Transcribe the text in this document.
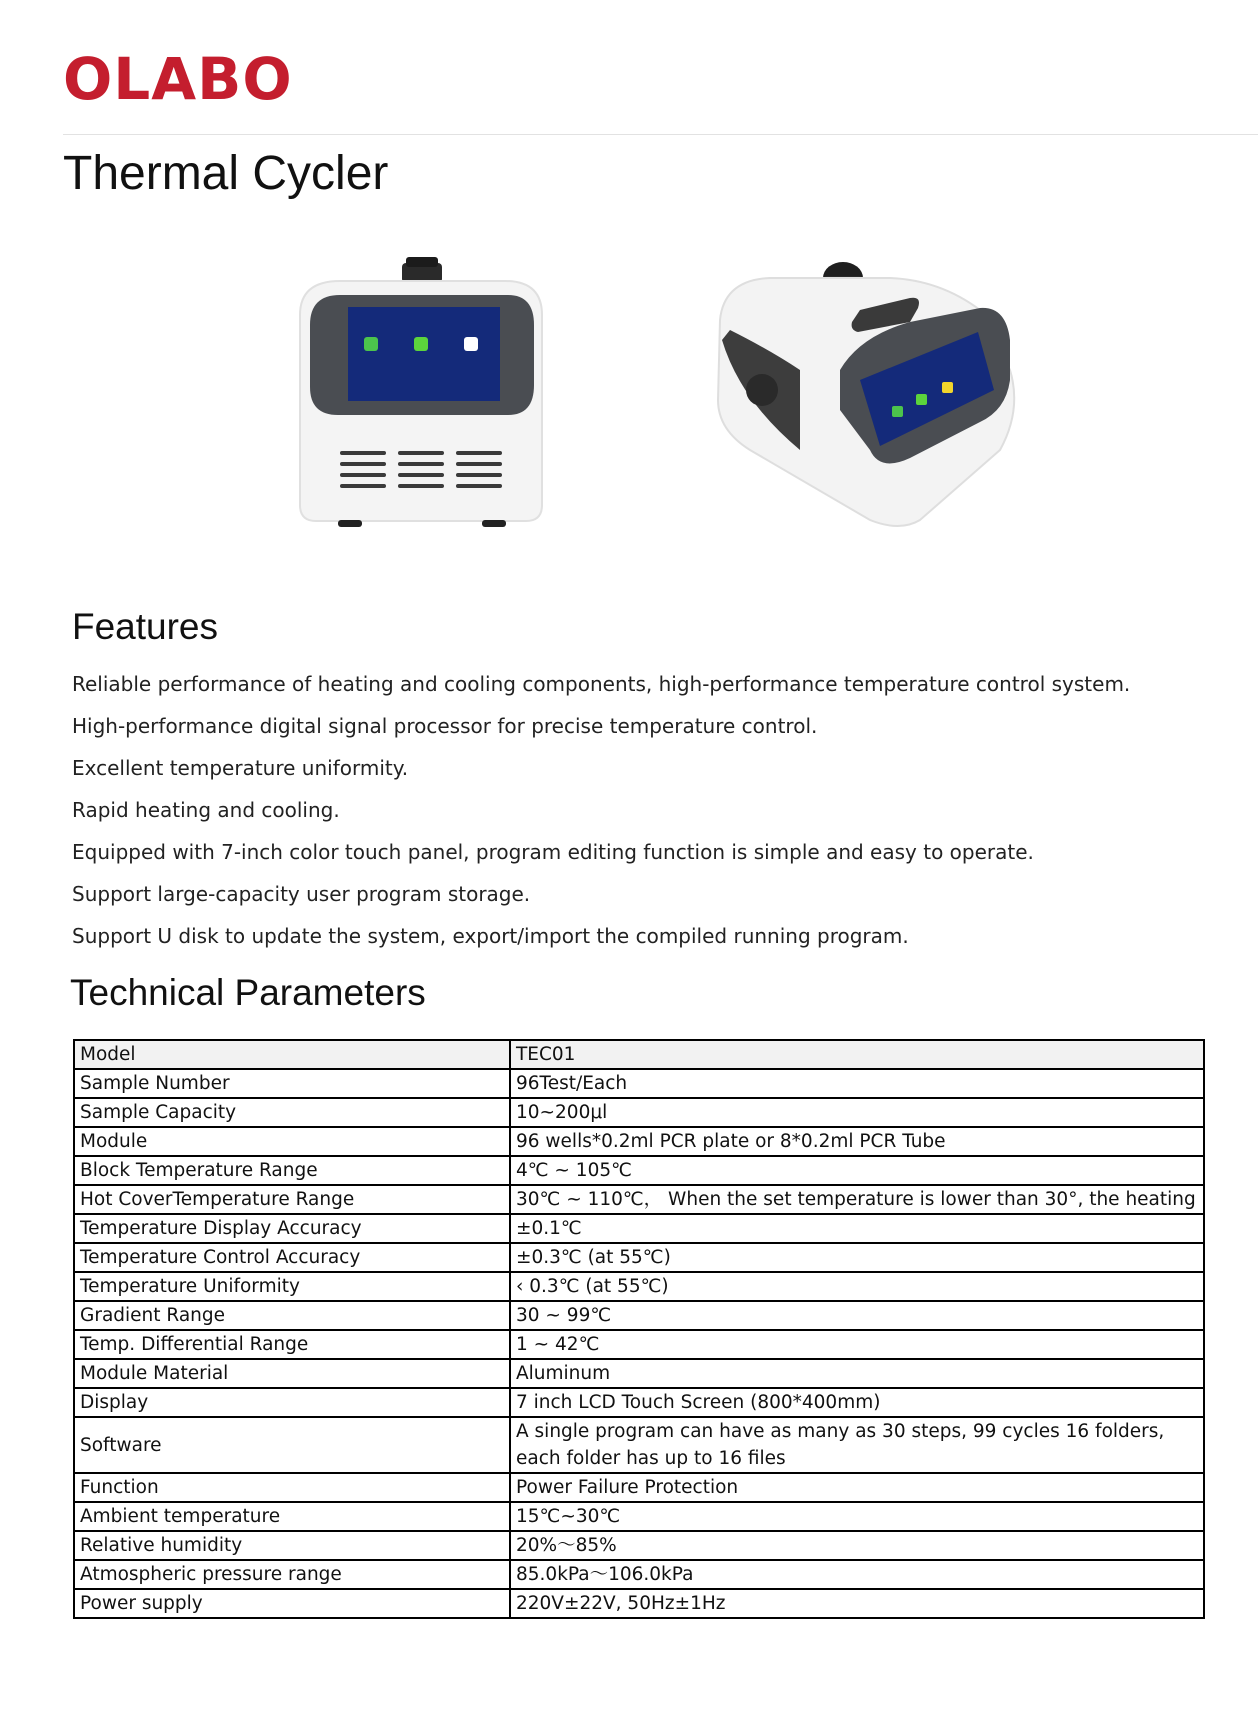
OLABO
Thermal Cycler
Features
Reliable performance of heating and cooling components, high-performance temperature control system.
High-performance digital signal processor for precise temperature control.
Excellent temperature uniformity.
Rapid heating and cooling.
Equipped with 7-inch color touch panel, program editing function is simple and easy to operate.
Support large-capacity user program storage.
Support U disk to update the system, export/import the compiled running program.
Technical Parameters
Model	TEC01
Sample Number	96Test/Each
Sample Capacity	10~200μl
Module	96 wells*0.2ml PCR plate or 8*0.2ml PCR Tube
Block Temperature Range	4℃ ~ 105℃
Hot CoverTemperature Range	30℃ ~ 110℃， When the set temperature is lower than 30°, the heating
Temperature Display Accuracy	±0.1℃
Temperature Control Accuracy	±0.3℃ (at 55℃)
Temperature Uniformity	‹ 0.3℃ (at 55℃)
Gradient Range	30 ~ 99℃
Temp. Differential Range	1 ~ 42℃
Module Material	Aluminum
Display	7 inch LCD Touch Screen (800*400mm)
Software	A single program can have as many as 30 steps, 99 cycles 16 folders, each folder has up to 16 files
Function	Power Failure Protection
Ambient temperature	15℃~30℃
Relative humidity	20%～85%
Atmospheric pressure range	85.0kPa～106.0kPa
Power supply	220V±22V, 50Hz±1Hz
